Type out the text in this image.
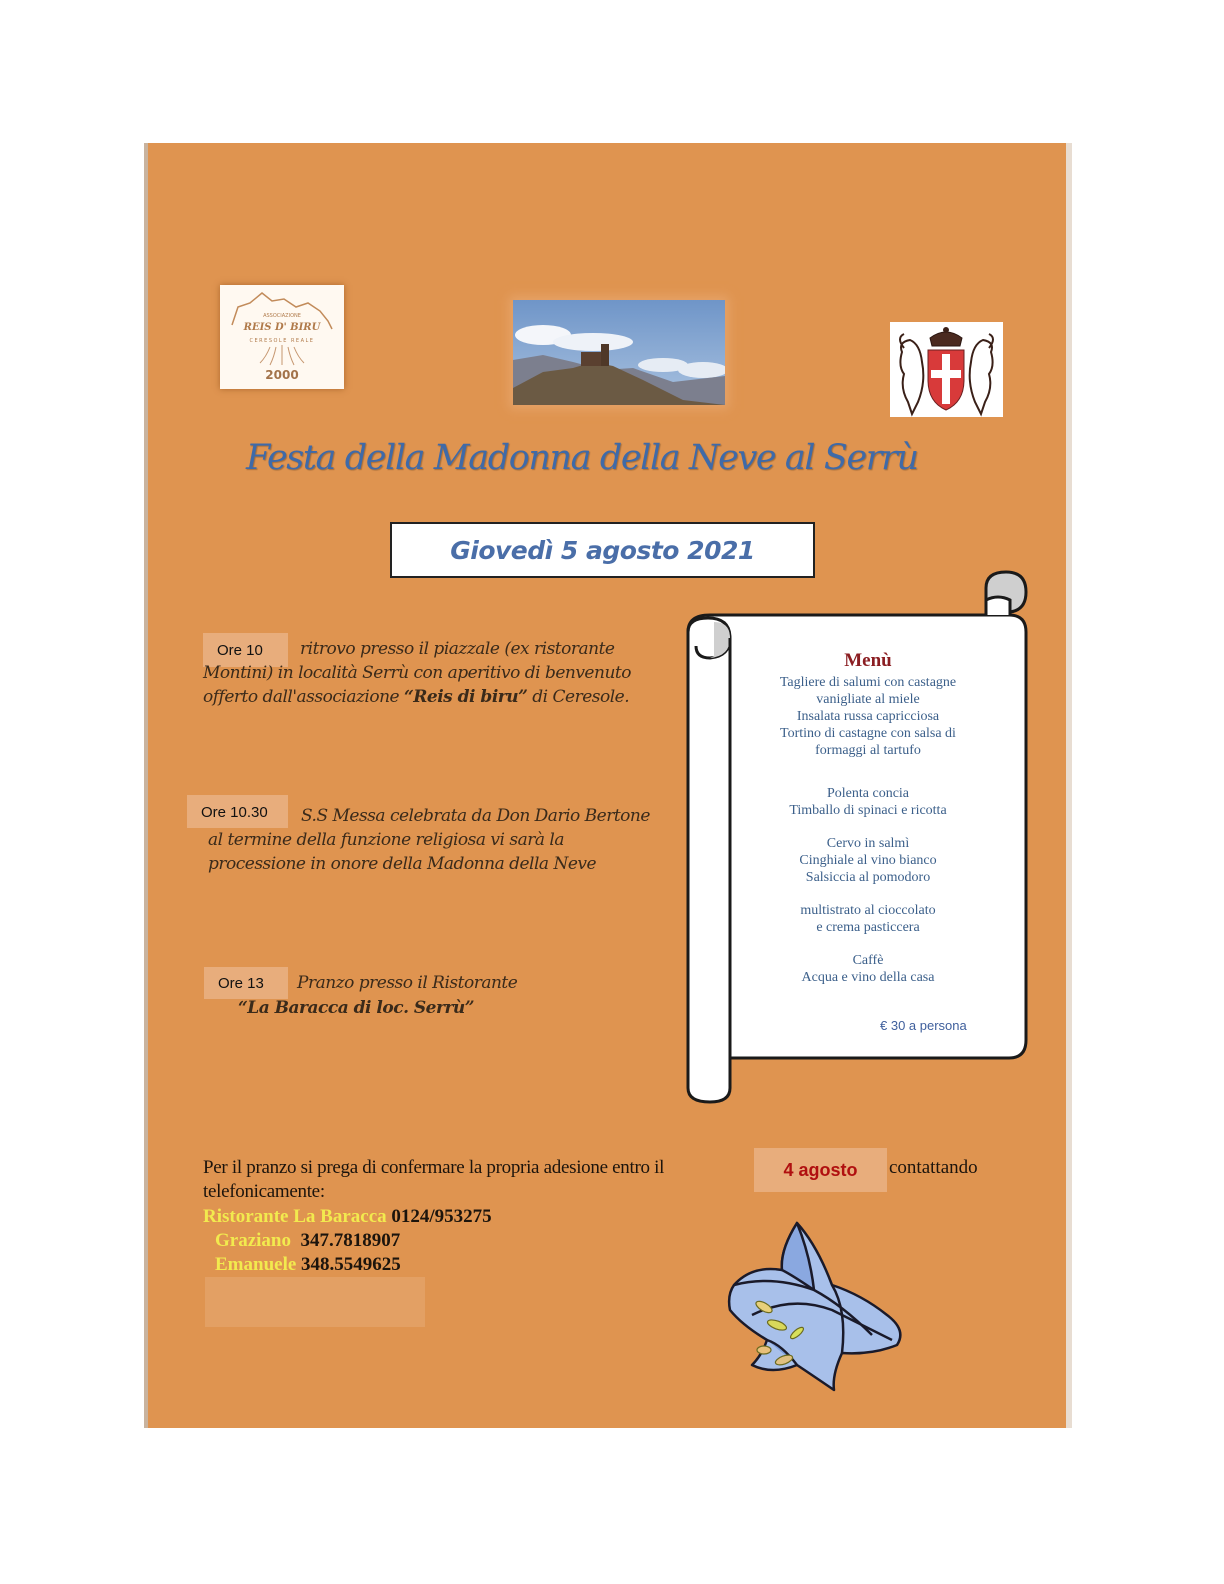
ASSOCIAZIONE
REIS D' BIRU
CERESOLE REALE
2000
Festa della Madonna della Neve al Serrù
Giovedì 5 agosto 2021
Ore 10	ritrovo presso il piazzale (ex ristorante
Montini) in località Serrù con aperitivo di benvenuto
offerto dall'associazione “Reis di biru” di Ceresole.
Ore 10.30	S.S Messa celebrata da Don Dario Bertone
al termine della funzione religiosa vi sarà la
processione in onore della Madonna della Neve
Ore 13	Pranzo presso il Ristorante
“La Baracca di loc. Serrù”
Menù
Tagliere di salumi con castagne
vanigliate al miele
Insalata russa capricciosa
Tortino di castagne con salsa di
formaggi al tartufo
Polenta concia
Timballo di spinaci e ricotta
Cervo in salmì
Cinghiale al vino bianco
Salsiccia al pomodoro
multistrato al cioccolato
e crema pasticcera
Caffè
Acqua e vino della casa
€ 30 a persona
Per il pranzo si prega di confermare la propria adesione entro il
telefonicamente:
4 agosto	contattando
Ristorante La Baracca 0124/953275
Graziano 347.7818907
Emanuele 348.5549625
